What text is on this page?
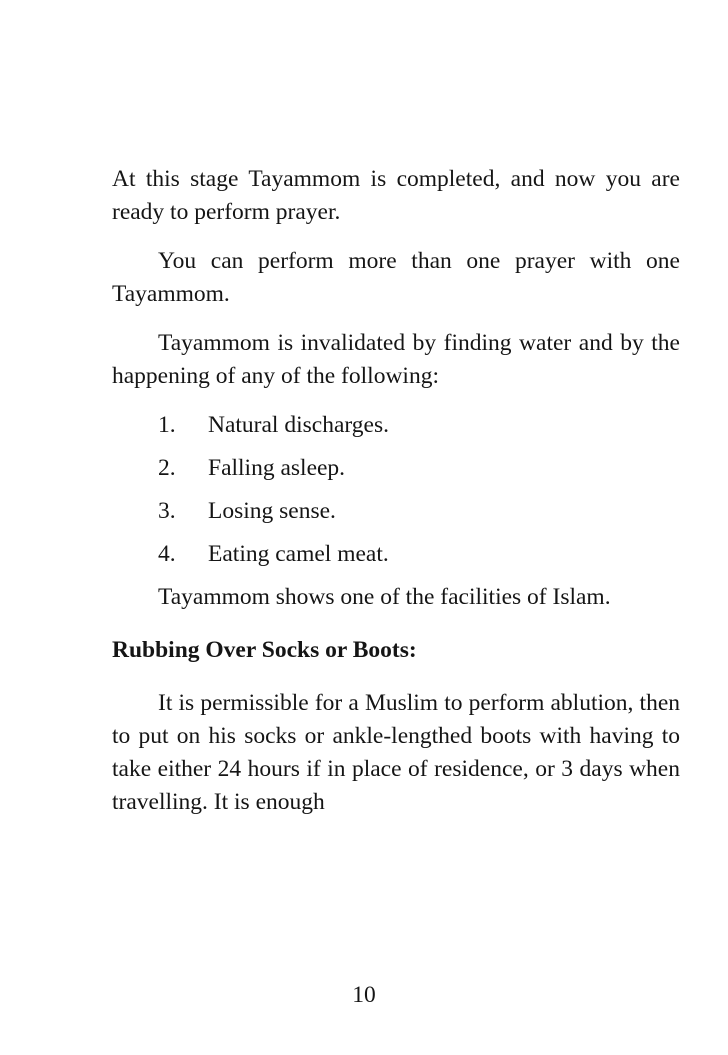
At this stage Tayammom is completed, and now you are ready to perform prayer.

You can perform more than one prayer with one Tayammom.

Tayammom is invalidated by finding water and by the happening of any of the following:

1.	Natural discharges.
2.	Falling asleep.
3.	Losing sense.
4.	Eating camel meat.

Tayammom shows one of the facilities of Islam.

Rubbing Over Socks or Boots:

It is permissible for a Muslim to perform ablution, then to put on his socks or ankle-lengthed boots with having to take either 24 hours if in place of residence, or 3 days when travelling. It is enough

10
